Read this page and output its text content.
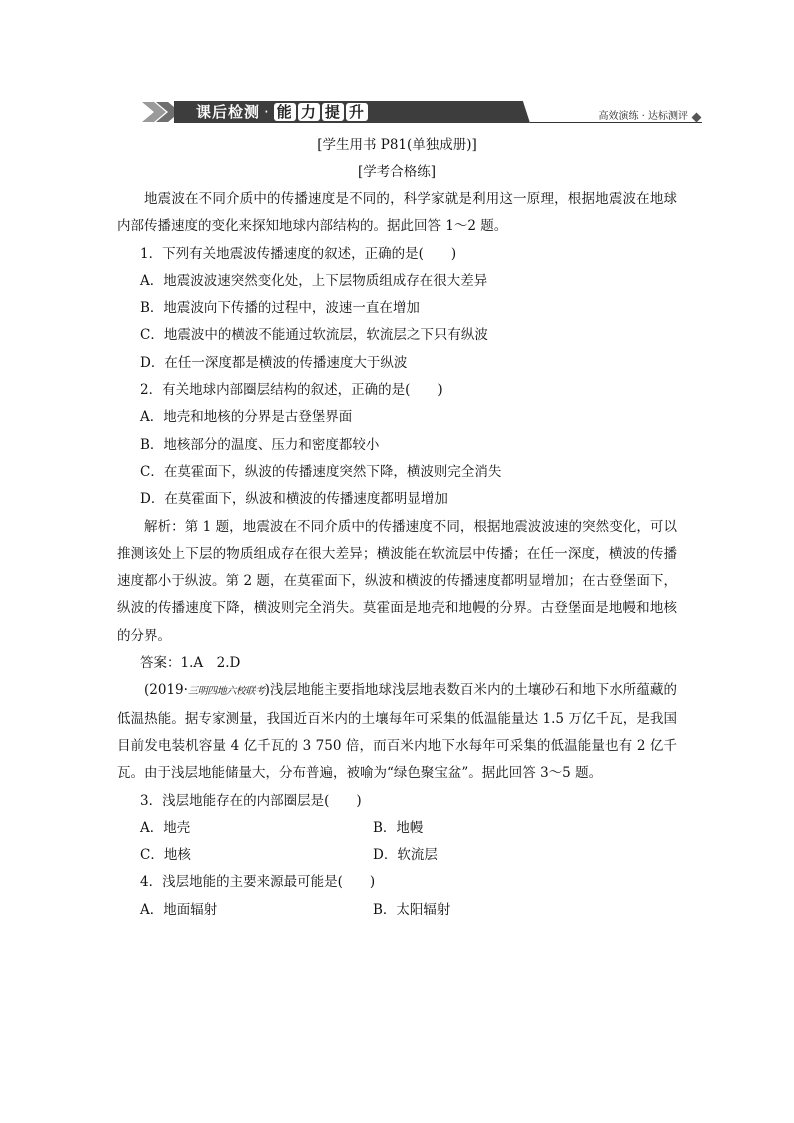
课后检测 · 能 力 提 升	高效演练 · 达标测评

[学生用书 P81(单独成册)]

[学考合格练]

地震波在不同介质中的传播速度是不同的，科学家就是利用这一原理，根据地震波在地球内部传播速度的变化来探知地球内部结构的。据此回答 1～2 题。

1．下列有关地震波传播速度的叙述，正确的是(　　)

A．地震波波速突然变化处，上下层物质组成存在很大差异

B．地震波向下传播的过程中，波速一直在增加

C．地震波中的横波不能通过软流层，软流层之下只有纵波

D．在任一深度都是横波的传播速度大于纵波

2．有关地球内部圈层结构的叙述，正确的是(　　)

A．地壳和地核的分界是古登堡界面

B．地核部分的温度、压力和密度都较小

C．在莫霍面下，纵波的传播速度突然下降，横波则完全消失

D．在莫霍面下，纵波和横波的传播速度都明显增加

解析：第 1 题，地震波在不同介质中的传播速度不同，根据地震波波速的突然变化，可以推测该处上下层的物质组成存在很大差异；横波能在软流层中传播；在任一深度，横波的传播速度都小于纵波。第 2 题，在莫霍面下，纵波和横波的传播速度都明显增加；在古登堡面下，纵波的传播速度下降，横波则完全消失。莫霍面是地壳和地幔的分界。古登堡面是地幔和地核的分界。

答案：1.A　2.D

(2019·三明四地六校联考)浅层地能主要指地球浅层地表数百米内的土壤砂石和地下水所蕴藏的低温热能。据专家测量，我国近百米内的土壤每年可采集的低温能量达 1.5 万亿千瓦，是我国目前发电装机容量 4 亿千瓦的 3 750 倍，而百米内地下水每年可采集的低温能量也有 2 亿千瓦。由于浅层地能储量大，分布普遍，被喻为“绿色聚宝盆”。据此回答 3～5 题。

3．浅层地能存在的内部圈层是(　　)

A．地壳	B．地幔
C．地核	D．软流层

4．浅层地能的主要来源最可能是(　　)

A．地面辐射	B．太阳辐射
